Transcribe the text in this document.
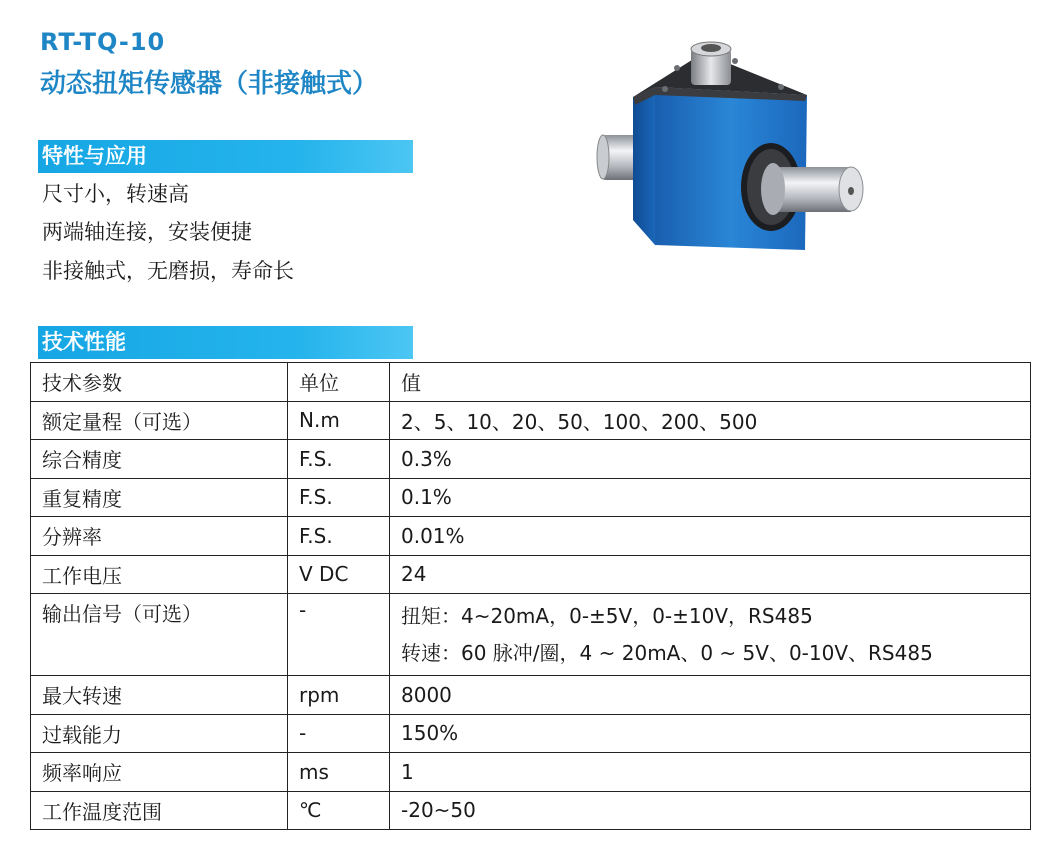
RT-TQ-10
动态扭矩传感器（非接触式）
特性与应用
尺寸小，转速高
两端轴连接，安装便捷
非接触式，无磨损，寿命长
技术性能
技术参数	单位	值
额定量程（可选）	N.m	2、5、10、20、50、100、200、500
综合精度	F.S.	0.3%
重复精度	F.S.	0.1%
分辨率	F.S.	0.01%
工作电压	V DC	24
输出信号（可选）	-	扭矩：4~20mA，0-±5V，0-±10V，RS485
转速：60 脉冲/圈，4 ~ 20mA、0 ~ 5V、0-10V、RS485

最大转速	rpm	8000
过载能力	-	150%
频率响应	ms	1
工作温度范围	℃	-20~50
